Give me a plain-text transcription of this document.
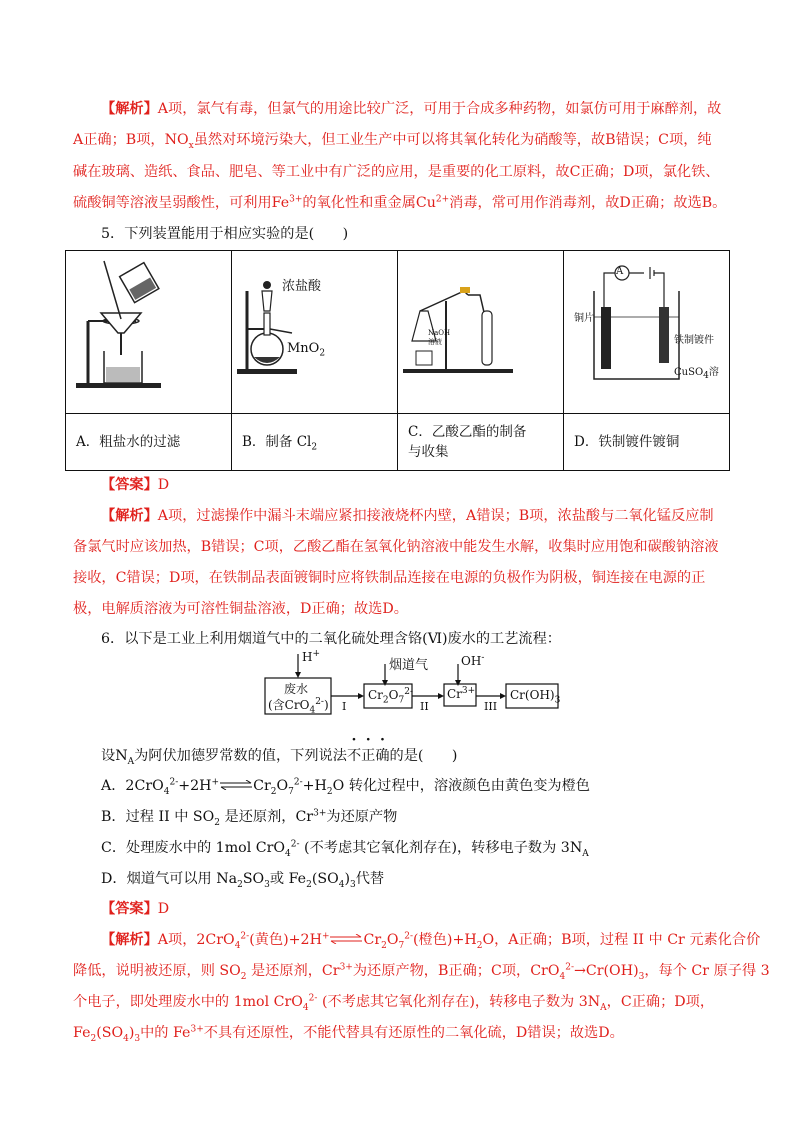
【解析】A项，氯气有毒，但氯气的用途比较广泛，可用于合成多种药物，如氯仿可用于麻醉剂，故
A正确；B项，$NO_x$虽然对环境污染大，但工业生产中可以将其氧化转化为硝酸等，故B错误；C项，纯
碱在玻璃、造纸、食品、肥皂、等工业中有广泛的应用，是重要的化工原料，故C正确；D项，氯化铁、
硫酸铜等溶液呈弱酸性，可利用$Fe^{3+}$的氧化性和重金属$Cu^{2+}$消毒，常可用作消毒剂，故D正确；故选B。
5．下列装置能用于相应实验的是(　　)

浓盐酸
MnO$_2$	NaOH
溶液	A
铜片
铁制镀件
CuSO$_4$溶

A．粗盐水的过滤	B．制备 $Cl_2$	C．乙酸乙酯的制备
与收集	D．铁制镀件镀铜
【答案】D
【解析】A项，过滤操作中漏斗末端应紧扣接液烧杯内壁，A错误；B项，浓盐酸与二氧化锰反应制
备氯气时应该加热，B错误；C项，乙酸乙酯在氢氧化钠溶液中能发生水解，收集时应用饱和碳酸钠溶液
接收，C错误；D项，在铁制品表面镀铜时应将铁制品连接在电源的负极作为阴极，铜连接在电源的正
极，电解质溶液为可溶性铜盐溶液，D正确；故选D。
6．以下是工业上利用烟道气中的二氧化硫处理含铬(Ⅵ)废水的工艺流程：
H+
废水
(含CrO$_4^{2-}$) I
烟道气
$Cr_2O_7^{2-}$
II
OH-
$Cr^{3+}$
III
$Cr(OH)_3$
设$N_A$为阿伏加德罗常数的值，下列说法不正确的是(　　)
A．$2CrO_4^{2-}+2H^+\rightleftharpoons Cr_2O_7^{2-}+H_2O$ 转化过程中，溶液颜色由黄色变为橙色
B．过程 II 中 $SO_2$ 是还原剂，$Cr^{3+}$为还原产物
C．处理废水中的 1mol CrO$_4^{2-}$ (不考虑其它氧化剂存在)，转移电子数为 $3N_A$
D．烟道气可以用 $Na_2SO_3$或 $Fe_2(SO_4)_3$代替
【答案】D
【解析】A项，2CrO$_4^{2-}$(黄色)$+2H^+\rightleftharpoons Cr_2O_7^{2-}$(橙色)$+H_2O$，A正确；B项，过程 II 中 Cr 元素化合价
降低，说明被还原，则 $SO_2$ 是还原剂，$Cr^{3+}$为还原产物，B正确；C项，$CrO_4^{2-}\to Cr(OH)_3$，每个 Cr 原子得 3
个电子，即处理废水中的 1mol CrO$_4^{2-}$ (不考虑其它氧化剂存在)，转移电子数为 $3N_A$，C正确；D项，
$Fe_2(SO_4)_3$中的 $Fe^{3+}$不具有还原性，不能代替具有还原性的二氧化硫，D错误；故选D。
